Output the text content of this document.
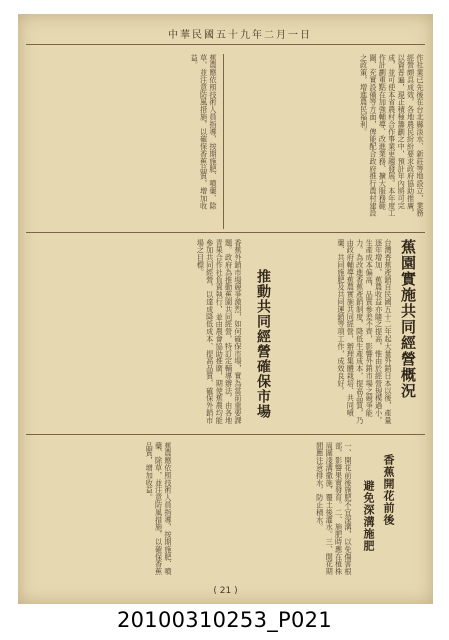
中華民國五十九年二月一日
作社業已先後在台北縣淡水、新莊等地設立，業務經營頗具成效，各地農民紛紛要求政府協助推廣，以資普遍，現正積極籌劃之中，預計年內將可完成，並可使本省農村合作事業更趨發展。本年度工作計劃重點在加強輔導、改進業務、擴大服務範圍、充實設備等方面，俾能配合政府推行農村建設之政策，增進農民福利。
蕉農應依照技術人員指導，按期施肥、噴藥、除草，並注意防風措施，以確保香蕉品質，增加收益。
蕉園實施共同經營概況
台灣香蕉產銷自民國五十二年起大量外銷日本以後，產量逐年增加，蕉農收益亦隨之提高，惟由於經營規模過小，生產成本偏高，品質參差不齊，影響外銷市場之競爭能力。為改進香蕉產銷制度，降低生產成本，提高品質，乃由政府輔導蕉農實施共同經營，辦理集體栽培、共同噴藥、共同施肥及共同運銷等項工作，成效良好。
推動共同經營確保市場
香蕉外銷市場競爭激烈，如何確保市場，實為當前重要課題。政府為推動蕉園共同經營，特訂定輔導辦法，由各地青果合作社負責執行，並由農會協助推廣，期使蕉農均能參加共同經營，以達成降低成本、提高品質、確保外銷市場之目標。
香蕉開花前後
避免深溝施肥
一、開花前後施肥不宜深溝，以免傷害根部，影響果實發育。二、施肥時應在植株周圍淺溝撒施，覆土後灌水。三、開花期間應注意排水，防止積水。
蕉農應依照技術人員指導，按期施肥、噴藥、除草，並注意防風措施，以確保香蕉品質，增加收益。
( 21 )
20100310253_P021
